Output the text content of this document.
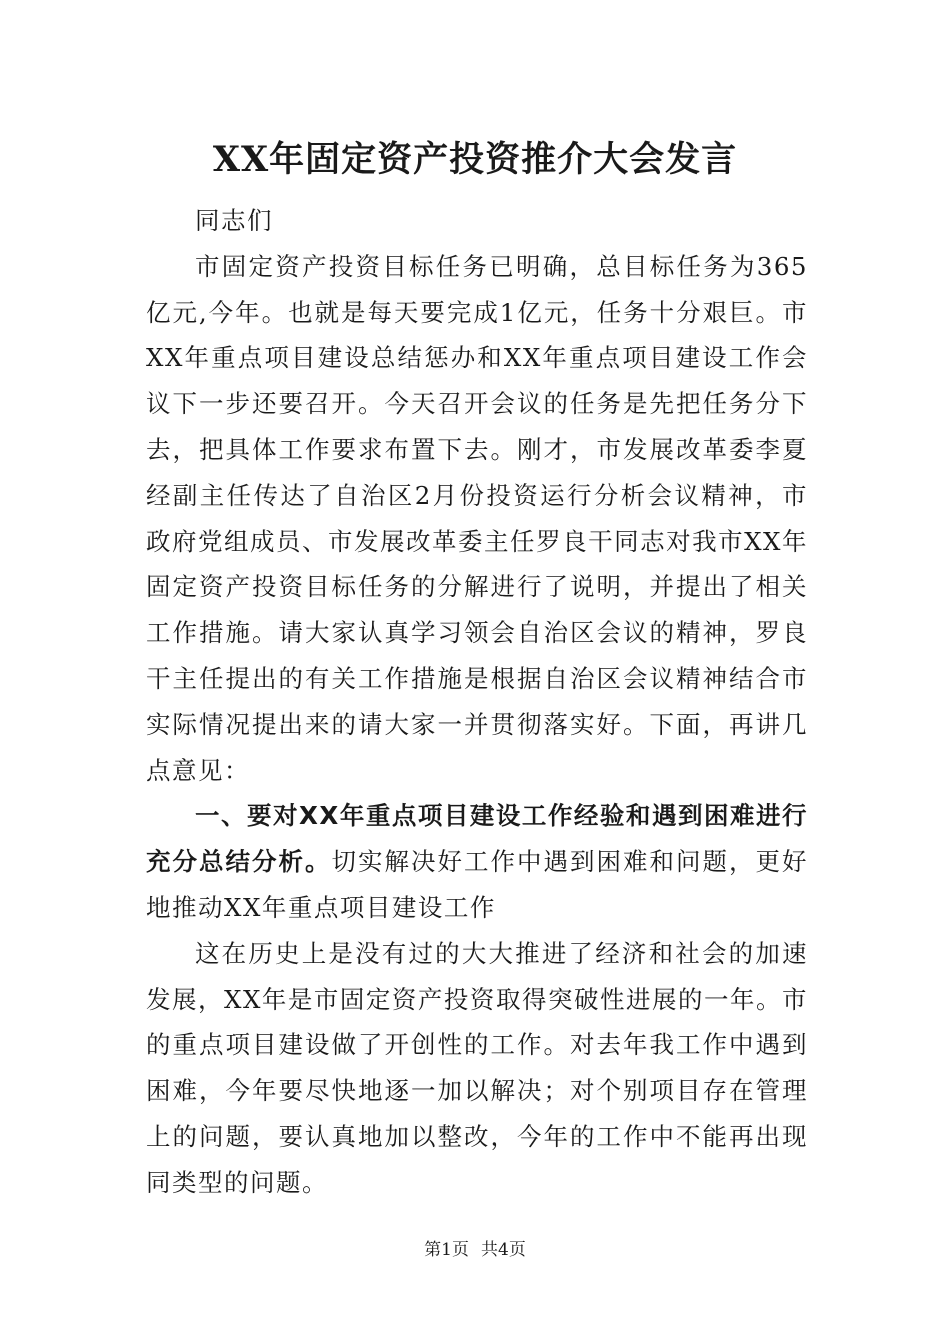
XX年固定资产投资推介大会发言

同志们

市固定资产投资目标任务已明确，总目标任务为365亿元,今年。也就是每天要完成1亿元，任务十分艰巨。市XX年重点项目建设总结惩办和XX年重点项目建设工作会议下一步还要召开。今天召开会议的任务是先把任务分下去，把具体工作要求布置下去。刚才，市发展改革委李夏经副主任传达了自治区2月份投资运行分析会议精神，市政府党组成员、市发展改革委主任罗良干同志对我市XX年固定资产投资目标任务的分解进行了说明，并提出了相关工作措施。请大家认真学习领会自治区会议的精神，罗良干主任提出的有关工作措施是根据自治区会议精神结合市实际情况提出来的请大家一并贯彻落实好。下面，再讲几点意见：

一、要对XX年重点项目建设工作经验和遇到困难进行充分总结分析。切实解决好工作中遇到困难和问题，更好地推动XX年重点项目建设工作

这在历史上是没有过的大大推进了经济和社会的加速发展，XX年是市固定资产投资取得突破性进展的一年。市的重点项目建设做了开创性的工作。对去年我工作中遇到困难，今年要尽快地逐一加以解决；对个别项目存在管理上的问题，要认真地加以整改，今年的工作中不能再出现同类型的问题。

第1页 共4页
